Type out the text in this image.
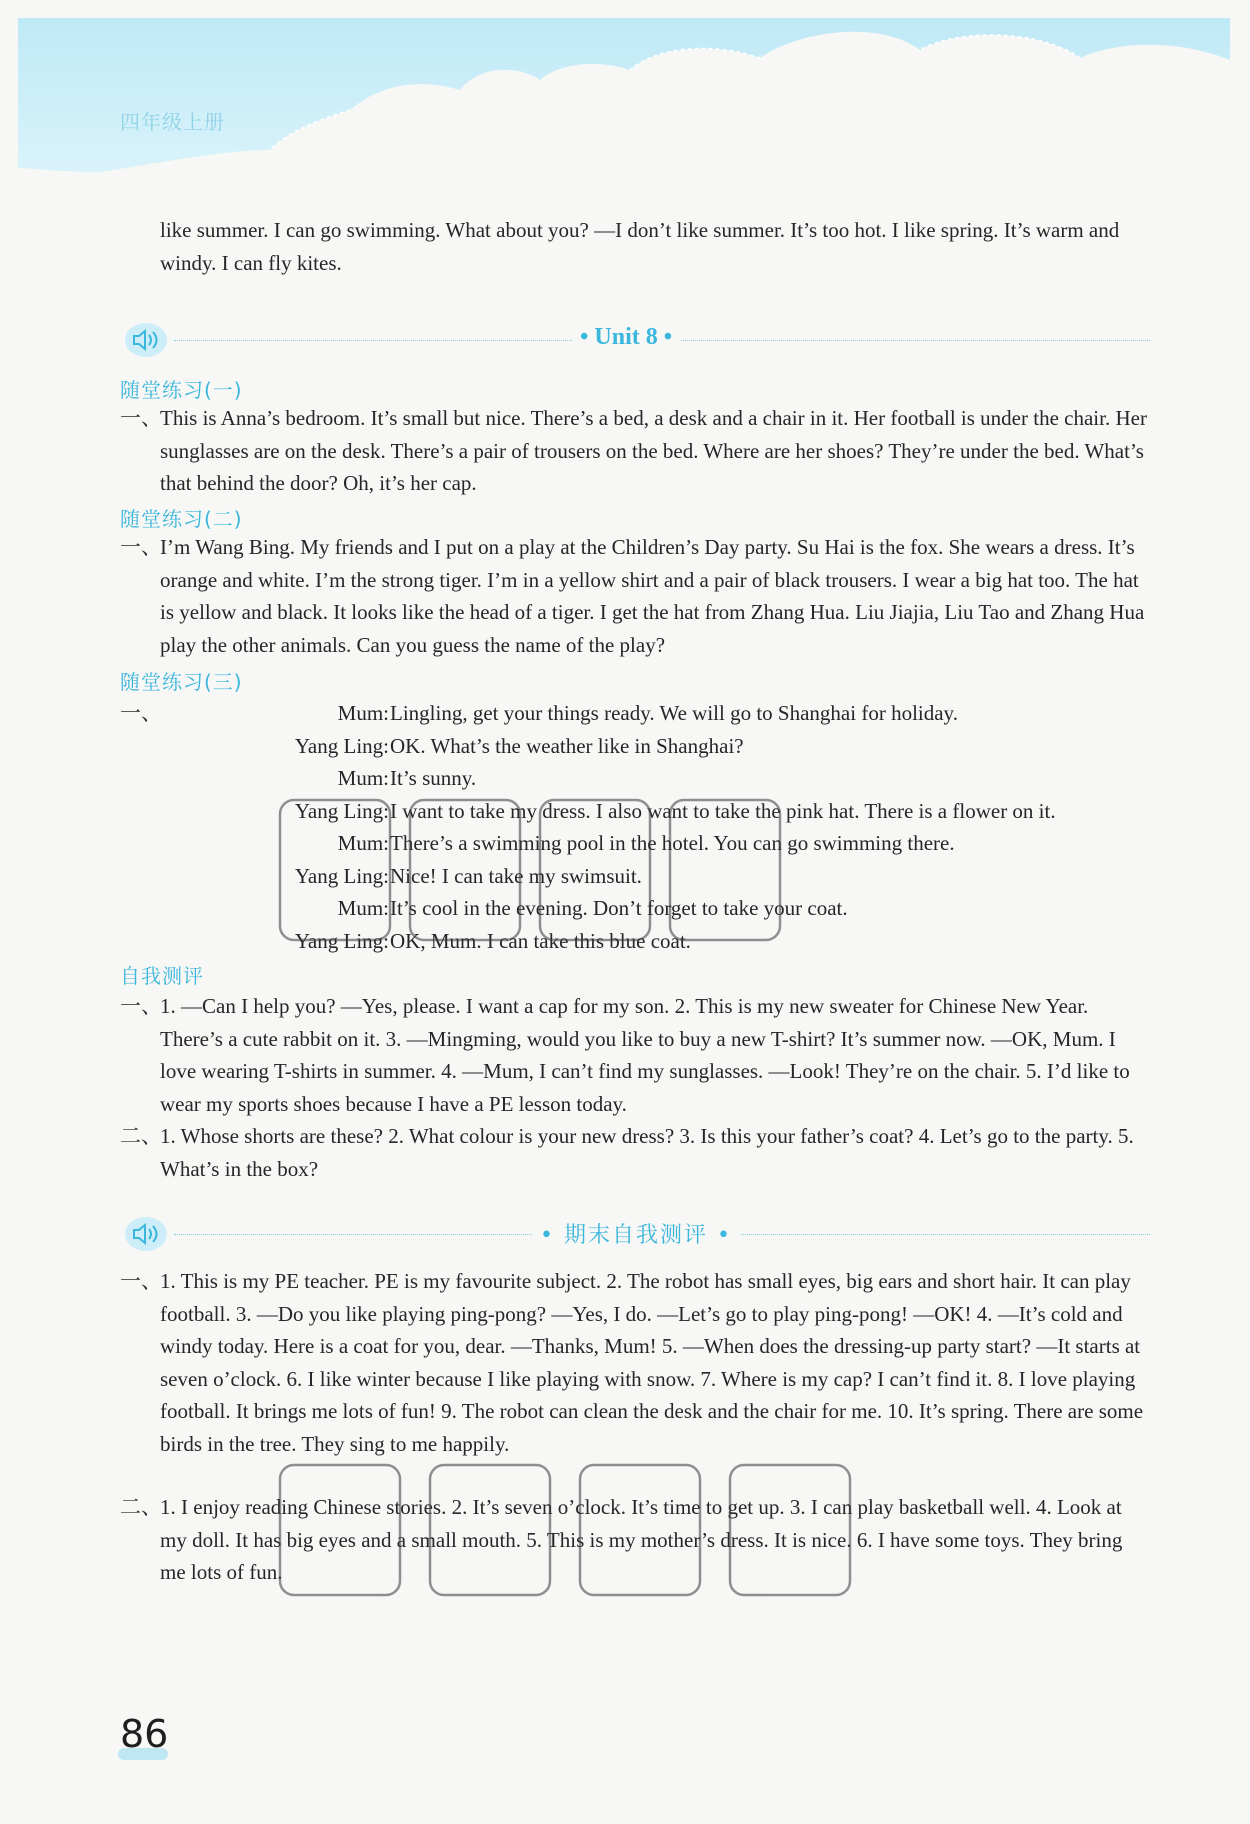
四年级上册

like summer. I can go swimming. What about you? —I don’t like summer. It’s too hot. I like spring. It’s warm and windy. I can fly kites.

• Unit 8 •
随堂练习(一)
一、

This is Anna’s bedroom. It’s small but nice. There’s a bed, a desk and a chair in it. Her football is under the chair. Her sunglasses are on the desk. There’s a pair of trousers on the bed. Where are her shoes? They’re under the bed. What’s that behind the door? Oh, it’s her cap.

随堂练习(二)
一、

I’m Wang Bing. My friends and I put on a play at the Children’s Day party. Su Hai is the fox. She wears a dress. It’s orange and white. I’m the strong tiger. I’m in a yellow shirt and a pair of black trousers. I wear a big hat too. The hat is yellow and black. It looks like the head of a tiger. I get the hat from Zhang Hua. Liu Jiajia, Liu Tao and Zhang Hua play the other animals. Can you guess the name of the play?

随堂练习(三)
一、	Mum: Lingling, get your things ready. We will go to Shanghai for holiday.
Yang Ling: OK. What’s the weather like in Shanghai?
Mum: It’s sunny.
Yang Ling: I want to take my dress. I also want to take the pink hat. There is a flower on it.
Mum: There’s a swimming pool in the hotel. You can go swimming there.
Yang Ling: Nice! I can take my swimsuit.
Mum: It’s cool in the evening. Don’t forget to take your coat.
Yang Ling: OK, Mum. I can take this blue coat.
自我测评
一、

1. —Can I help you? —Yes, please. I want a cap for my son. 2. This is my new sweater for Chinese New Year. There’s a cute rabbit on it. 3. —Mingming, would you like to buy a new T-shirt? It’s summer now. —OK, Mum. I love wearing T-shirts in summer. 4. —Mum, I can’t find my sunglasses. —Look! They’re on the chair. 5. I’d like to wear my sports shoes because I have a PE lesson today.

二、

1. Whose shorts are these? 2. What colour is your new dress? 3. Is this your father’s coat? 4. Let’s go to the party. 5. What’s in the box?

• 期末自我测评 •
一、

1. This is my PE teacher. PE is my favourite subject. 2. The robot has small eyes, big ears and short hair. It can play football. 3. —Do you like playing ping-pong? —Yes, I do. —Let’s go to play ping-pong! —OK! 4. —It’s cold and windy today. Here is a coat for you, dear. —Thanks, Mum! 5. —When does the dressing-up party start? —It starts at seven o’clock. 6. I like winter because I like playing with snow. 7. Where is my cap? I can’t find it. 8. I love playing football. It brings me lots of fun! 9. The robot can clean the desk and the chair for me. 10. It’s spring. There are some birds in the tree. They sing to me happily.

二、

1. I enjoy reading Chinese stories. 2. It’s seven o’clock. It’s time to get up. 3. I can play basketball well. 4. Look at my doll. It has big eyes and a small mouth. 5. This is my mother’s dress. It is nice. 6. I have some toys. They bring me lots of fun.

86
